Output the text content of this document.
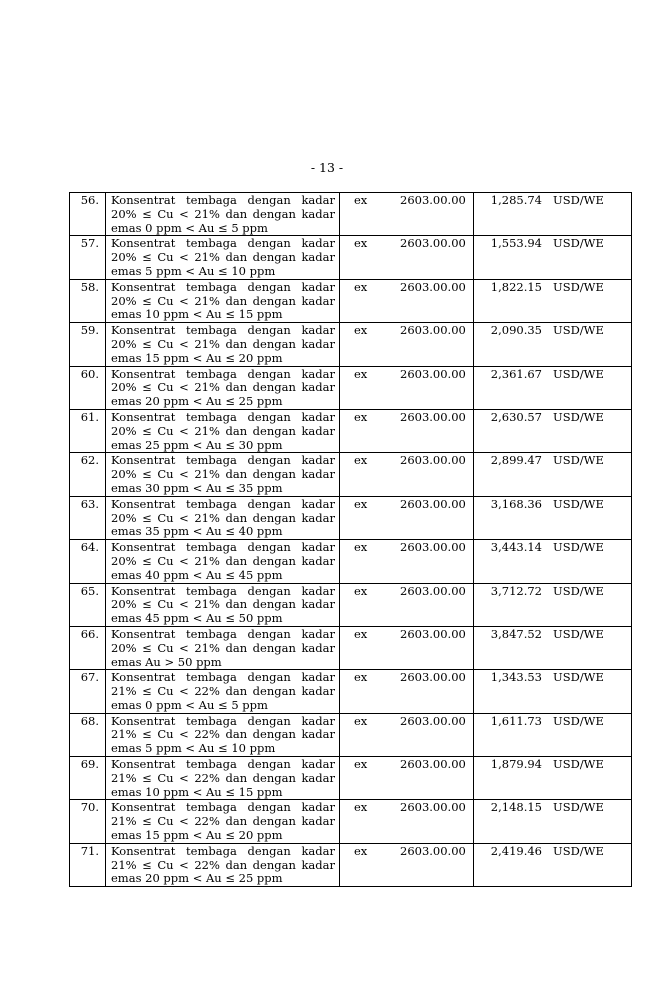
- 13 -
56.	Konsentrat tembaga dengan kadar
20% ≤ Cu < 21% dan dengan kadar
emas 0 ppm < Au ≤ 5 ppm	ex 2603.00.00	1,285.74 USD/WE

57.	Konsentrat tembaga dengan kadar
20% ≤ Cu < 21% dan dengan kadar
emas 5 ppm < Au ≤ 10 ppm	ex 2603.00.00	1,553.94 USD/WE

58.	Konsentrat tembaga dengan kadar
20% ≤ Cu < 21% dan dengan kadar
emas 10 ppm < Au ≤ 15 ppm	ex 2603.00.00	1,822.15 USD/WE

59.	Konsentrat tembaga dengan kadar
20% ≤ Cu < 21% dan dengan kadar
emas 15 ppm < Au ≤ 20 ppm	ex 2603.00.00	2,090.35 USD/WE

60.	Konsentrat tembaga dengan kadar
20% ≤ Cu < 21% dan dengan kadar
emas 20 ppm < Au ≤ 25 ppm	ex 2603.00.00	2,361.67 USD/WE

61.	Konsentrat tembaga dengan kadar
20% ≤ Cu < 21% dan dengan kadar
emas 25 ppm < Au ≤ 30 ppm	ex 2603.00.00	2,630.57 USD/WE

62.	Konsentrat tembaga dengan kadar
20% ≤ Cu < 21% dan dengan kadar
emas 30 ppm < Au ≤ 35 ppm	ex 2603.00.00	2,899.47 USD/WE

63.	Konsentrat tembaga dengan kadar
20% ≤ Cu < 21% dan dengan kadar
emas 35 ppm < Au ≤ 40 ppm	ex 2603.00.00	3,168.36 USD/WE

64.	Konsentrat tembaga dengan kadar
20% ≤ Cu < 21% dan dengan kadar
emas 40 ppm < Au ≤ 45 ppm	ex 2603.00.00	3,443.14 USD/WE

65.	Konsentrat tembaga dengan kadar
20% ≤ Cu < 21% dan dengan kadar
emas 45 ppm < Au ≤ 50 ppm	ex 2603.00.00	3,712.72 USD/WE

66.	Konsentrat tembaga dengan kadar
20% ≤ Cu < 21% dan dengan kadar
emas Au > 50 ppm	ex 2603.00.00	3,847.52 USD/WE

67.	Konsentrat tembaga dengan kadar
21% ≤ Cu < 22% dan dengan kadar
emas 0 ppm < Au ≤ 5 ppm	ex 2603.00.00	1,343.53 USD/WE

68.	Konsentrat tembaga dengan kadar
21% ≤ Cu < 22% dan dengan kadar
emas 5 ppm < Au ≤ 10 ppm	ex 2603.00.00	1,611.73 USD/WE

69.	Konsentrat tembaga dengan kadar
21% ≤ Cu < 22% dan dengan kadar
emas 10 ppm < Au ≤ 15 ppm	ex 2603.00.00	1,879.94 USD/WE

70.	Konsentrat tembaga dengan kadar
21% ≤ Cu < 22% dan dengan kadar
emas 15 ppm < Au ≤ 20 ppm	ex 2603.00.00	2,148.15 USD/WE

71.	Konsentrat tembaga dengan kadar
21% ≤ Cu < 22% dan dengan kadar
emas 20 ppm < Au ≤ 25 ppm	ex 2603.00.00	2,419.46 USD/WE
